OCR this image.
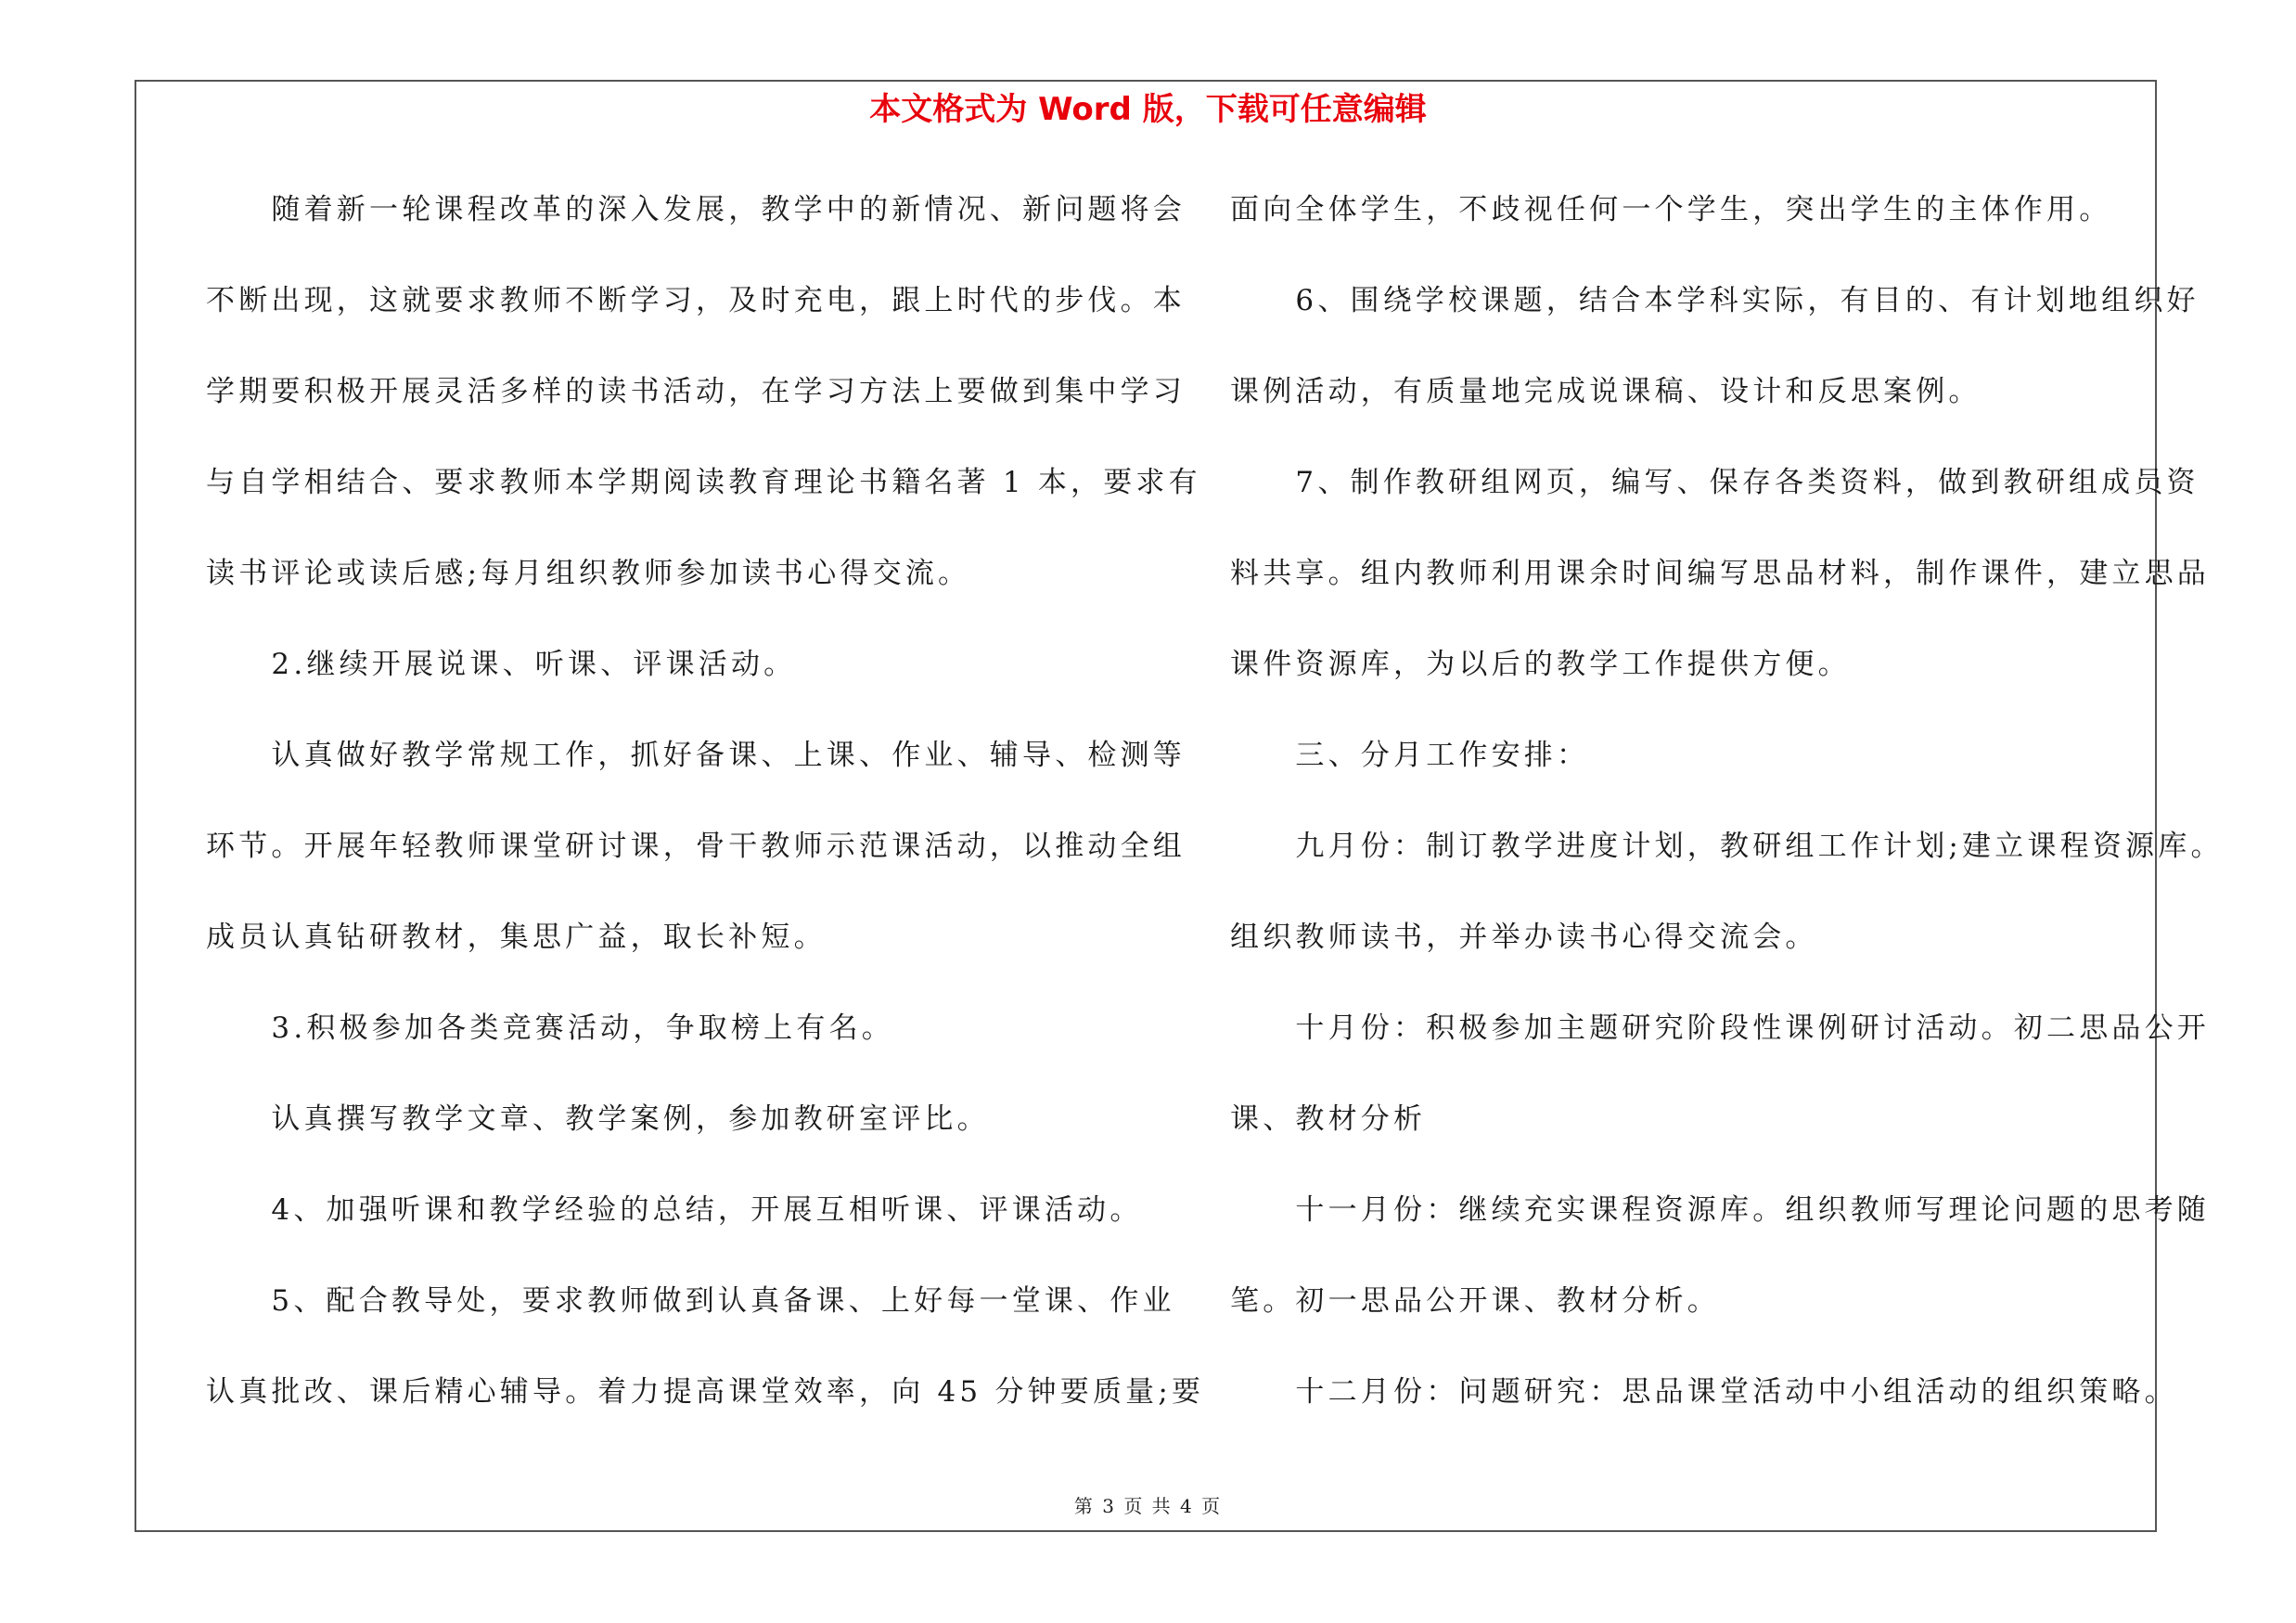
本文格式为 Word 版，下载可任意编辑
　　随着新一轮课程改革的深入发展，教学中的新情况、新问题将会
不断出现，这就要求教师不断学习，及时充电，跟上时代的步伐。本
学期要积极开展灵活多样的读书活动，在学习方法上要做到集中学习
与自学相结合、要求教师本学期阅读教育理论书籍名著 1 本，要求有
读书评论或读后感;每月组织教师参加读书心得交流。
　　2.继续开展说课、听课、评课活动。
　　认真做好教学常规工作，抓好备课、上课、作业、辅导、检测等
环节。开展年轻教师课堂研讨课，骨干教师示范课活动，以推动全组
成员认真钻研教材，集思广益，取长补短。
　　3.积极参加各类竞赛活动，争取榜上有名。
　　认真撰写教学文章、教学案例，参加教研室评比。
　　4、加强听课和教学经验的总结，开展互相听课、评课活动。
　　5、配合教导处，要求教师做到认真备课、上好每一堂课、作业
认真批改、课后精心辅导。着力提高课堂效率，向 45 分钟要质量;要
面向全体学生，不歧视任何一个学生，突出学生的主体作用。
　　6、围绕学校课题，结合本学科实际，有目的、有计划地组织好
课例活动，有质量地完成说课稿、设计和反思案例。
　　7、制作教研组网页，编写、保存各类资料，做到教研组成员资
料共享。组内教师利用课余时间编写思品材料，制作课件，建立思品
课件资源库，为以后的教学工作提供方便。
　　三、分月工作安排：
　　九月份：制订教学进度计划，教研组工作计划;建立课程资源库。
组织教师读书，并举办读书心得交流会。
　　十月份：积极参加主题研究阶段性课例研讨活动。初二思品公开
课、教材分析
　　十一月份：继续充实课程资源库。组织教师写理论问题的思考随
笔。初一思品公开课、教材分析。
　　十二月份：问题研究：思品课堂活动中小组活动的组织策略。
第 3 页 共 4 页
